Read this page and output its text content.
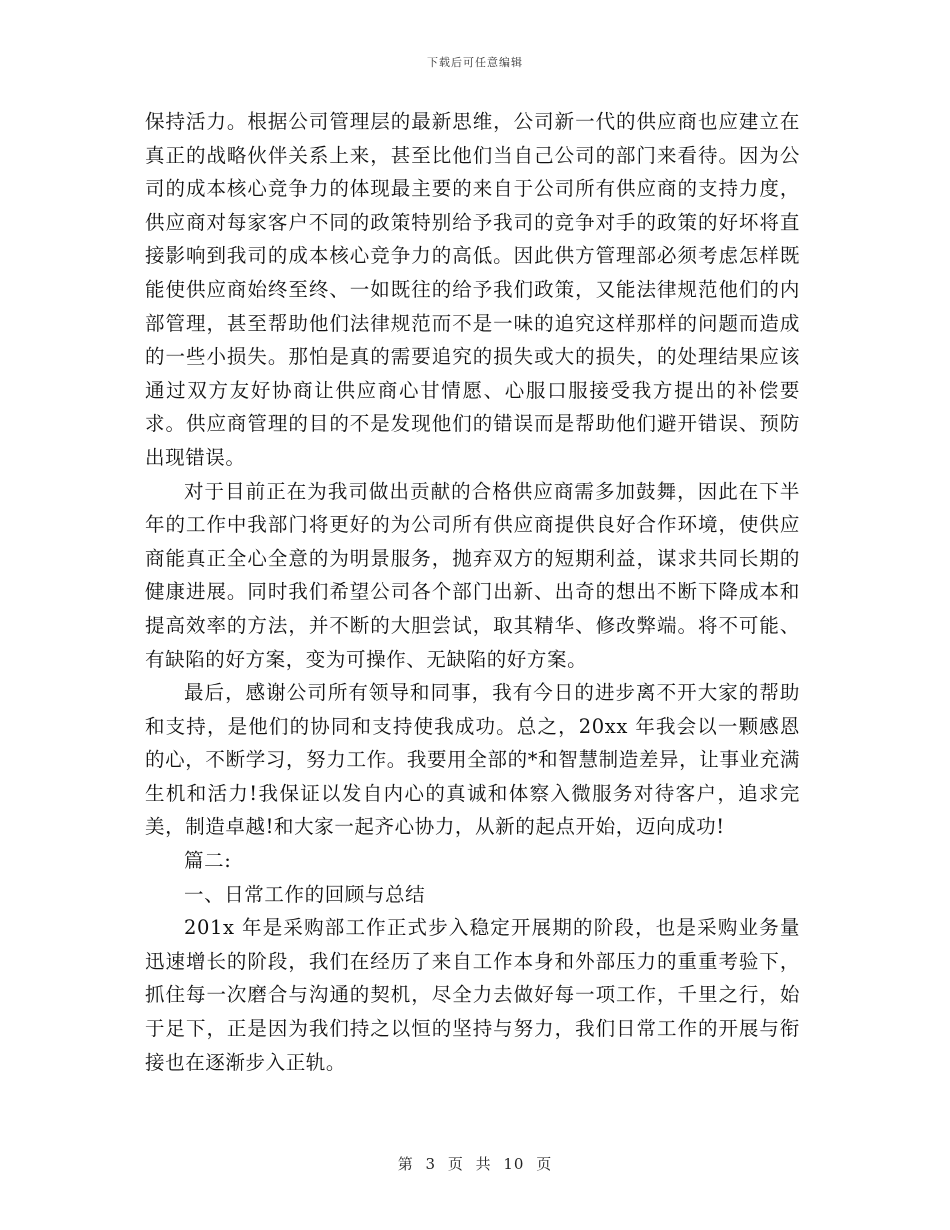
下载后可任意编辑

保持活力。根据公司管理层的最新思维，公司新一代的供应商也应建立在真正的战略伙伴关系上来，甚至比他们当自己公司的部门来看待。因为公司的成本核心竞争力的体现最主要的来自于公司所有供应商的支持力度，供应商对每家客户不同的政策特别给予我司的竞争对手的政策的好坏将直接影响到我司的成本核心竞争力的高低。因此供方管理部必须考虑怎样既能使供应商始终至终、一如既往的给予我们政策，又能法律规范他们的内部管理，甚至帮助他们法律规范而不是一味的追究这样那样的问题而造成的一些小损失。那怕是真的需要追究的损失或大的损失，的处理结果应该通过双方友好协商让供应商心甘情愿、心服口服接受我方提出的补偿要求。供应商管理的目的不是发现他们的错误而是帮助他们避开错误、预防出现错误。

对于目前正在为我司做出贡献的合格供应商需多加鼓舞，因此在下半年的工作中我部门将更好的为公司所有供应商提供良好合作环境，使供应商能真正全心全意的为明景服务，抛弃双方的短期利益，谋求共同长期的健康进展。同时我们希望公司各个部门出新、出奇的想出不断下降成本和提高效率的方法，并不断的大胆尝试，取其精华、修改弊端。将不可能、有缺陷的好方案，变为可操作、无缺陷的好方案。

最后，感谢公司所有领导和同事，我有今日的进步离不开大家的帮助和支持，是他们的协同和支持使我成功。总之，20xx 年我会以一颗感恩的心，不断学习，努力工作。我要用全部的*和智慧制造差异，让事业充满生机和活力!我保证以发自内心的真诚和体察入微服务对待客户，追求完美，制造卓越!和大家一起齐心协力，从新的起点开始，迈向成功!

篇二:

一、日常工作的回顾与总结

201x 年是采购部工作正式步入稳定开展期的阶段，也是采购业务量迅速增长的阶段，我们在经历了来自工作本身和外部压力的重重考验下，抓住每一次磨合与沟通的契机，尽全力去做好每一项工作，千里之行，始于足下，正是因为我们持之以恒的坚持与努力，我们日常工作的开展与衔接也在逐渐步入正轨。

第 3 页 共 10 页
